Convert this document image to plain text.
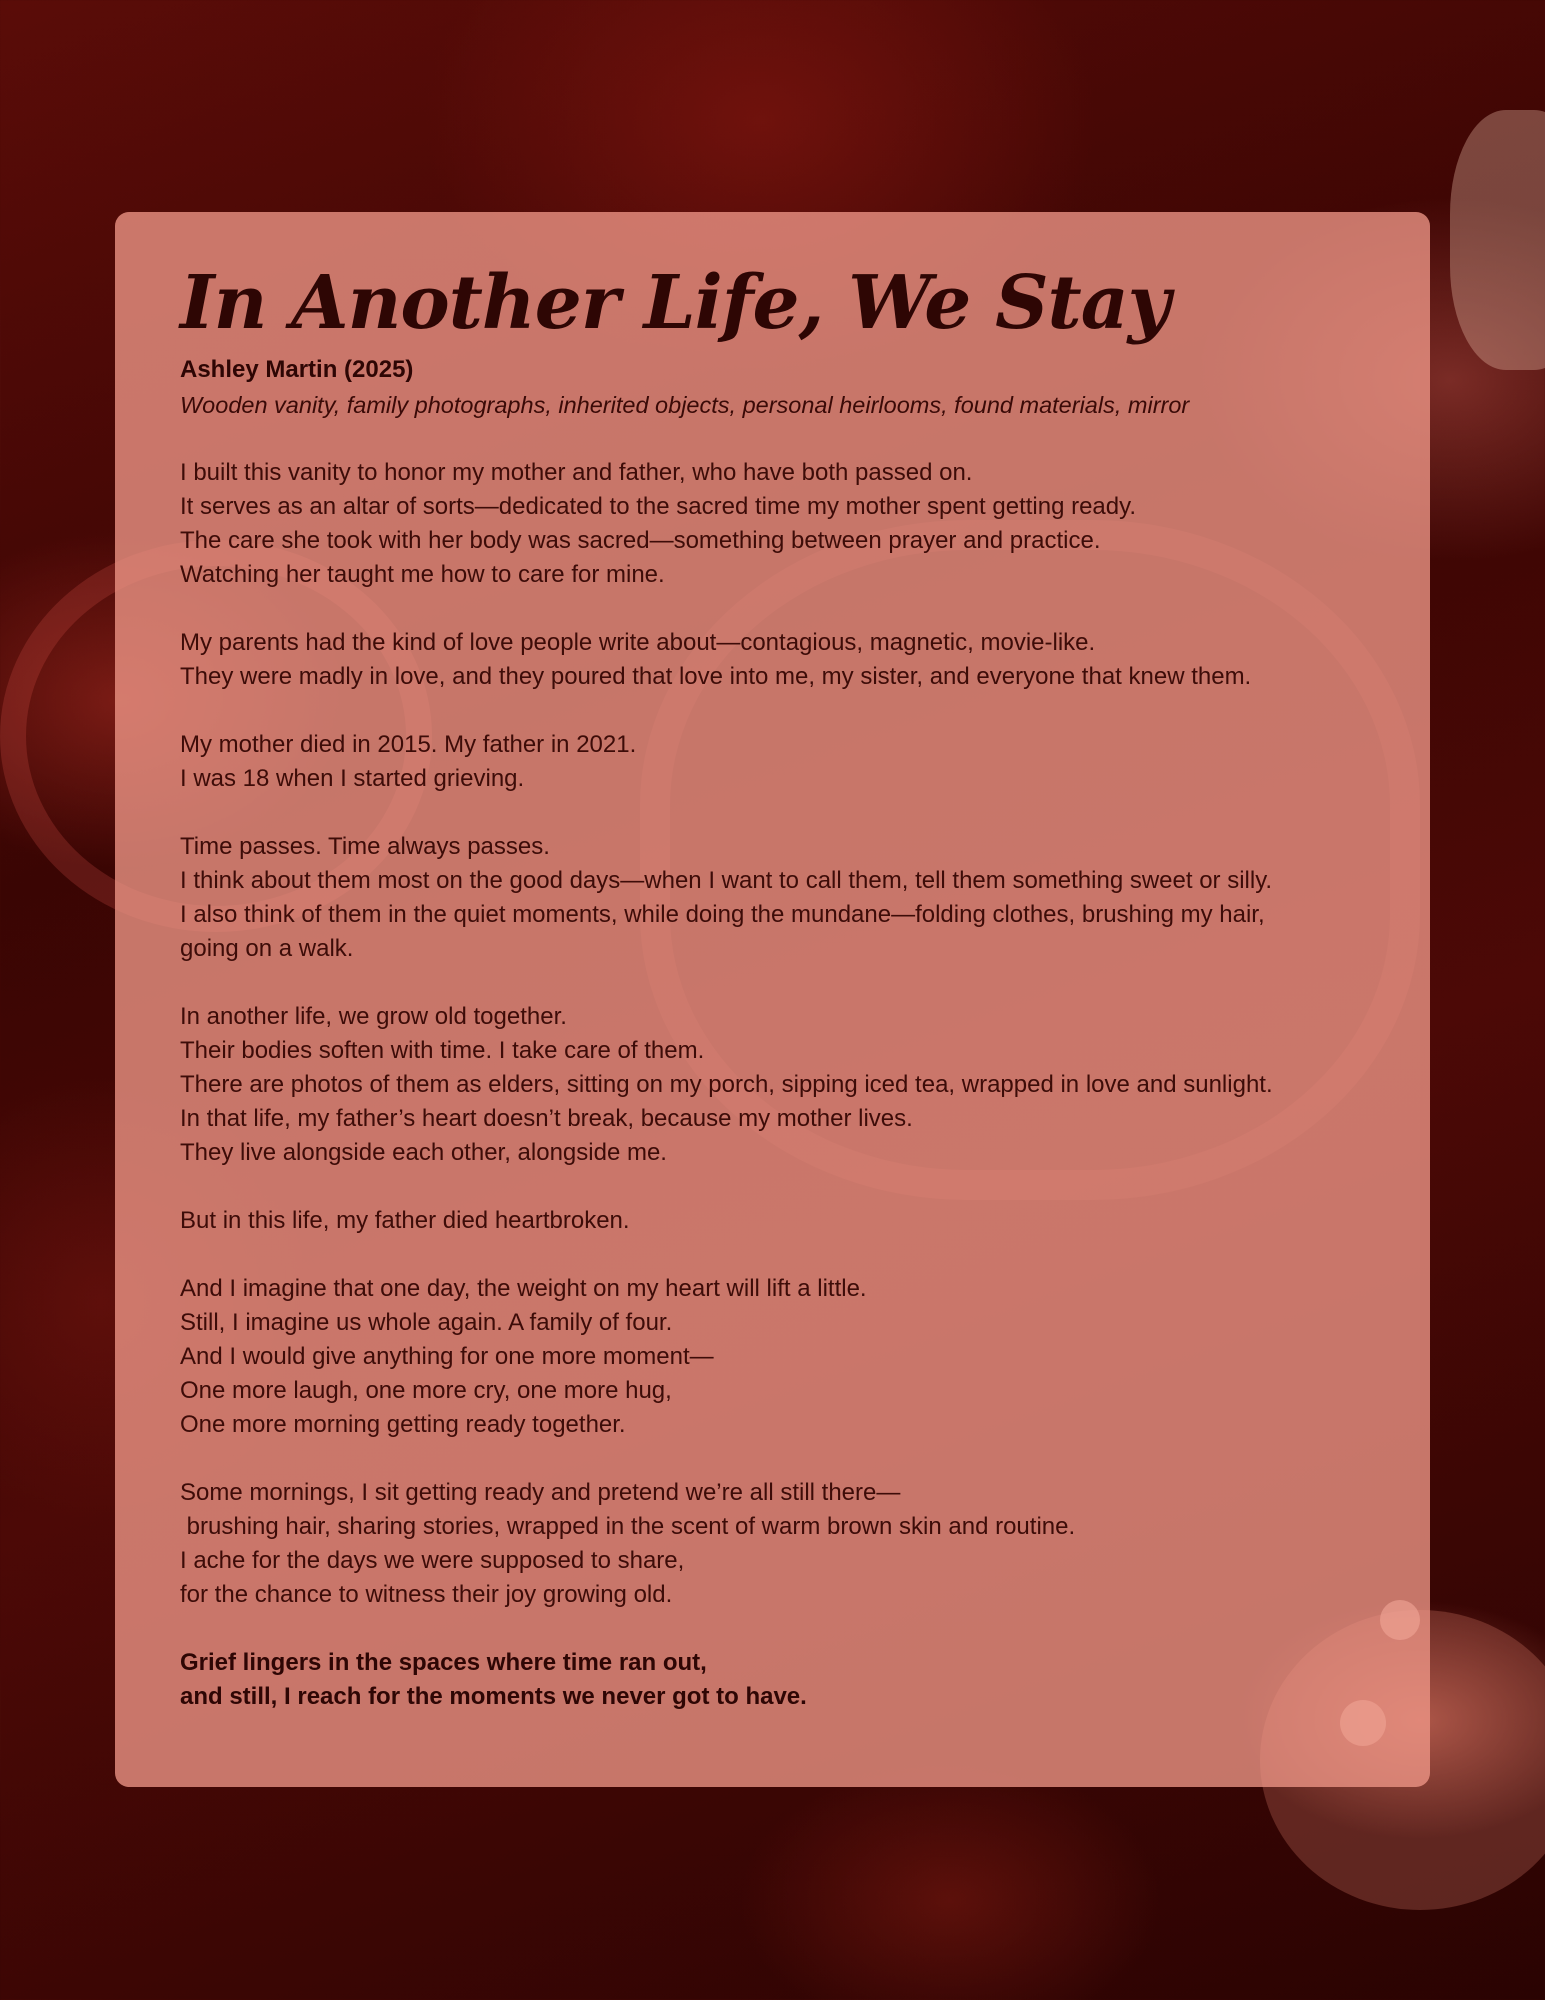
In Another Life, We Stay
Ashley Martin (2025)
Wooden vanity, family photographs, inherited objects, personal heirlooms, found materials, mirror
I built this vanity to honor my mother and father, who have both passed on.
It serves as an altar of sorts—dedicated to the sacred time my mother spent getting ready.
The care she took with her body was sacred—something between prayer and practice.
Watching her taught me how to care for mine.
My parents had the kind of love people write about—contagious, magnetic, movie-like.
They were madly in love, and they poured that love into me, my sister, and everyone that knew them.
My mother died in 2015. My father in 2021.
I was 18 when I started grieving.
Time passes. Time always passes.
I think about them most on the good days—when I want to call them, tell them something sweet or silly.
I also think of them in the quiet moments, while doing the mundane—folding clothes, brushing my hair,
going on a walk.
In another life, we grow old together.
Their bodies soften with time. I take care of them.
There are photos of them as elders, sitting on my porch, sipping iced tea, wrapped in love and sunlight.
In that life, my father’s heart doesn’t break, because my mother lives.
They live alongside each other, alongside me.
But in this life, my father died heartbroken.
And I imagine that one day, the weight on my heart will lift a little.
Still, I imagine us whole again. A family of four.
And I would give anything for one more moment—
One more laugh, one more cry, one more hug,
One more morning getting ready together.
Some mornings, I sit getting ready and pretend we’re all still there—
brushing hair, sharing stories, wrapped in the scent of warm brown skin and routine.
I ache for the days we were supposed to share,
for the chance to witness their joy growing old.
Grief lingers in the spaces where time ran out,
and still, I reach for the moments we never got to have.
